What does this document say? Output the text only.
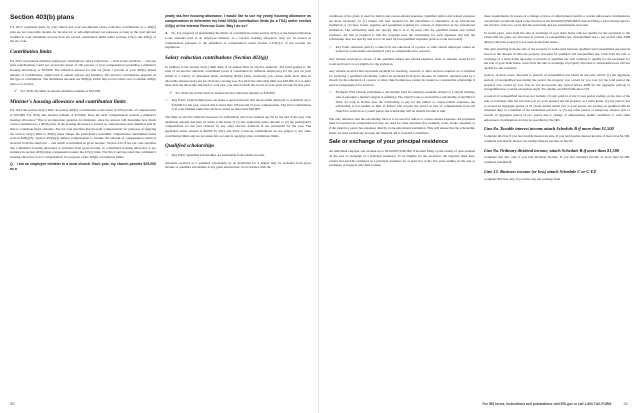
Section 403(b) plans

For 2015, payments made by your church and your tax-deferred salary reduction contributions to a 403(b) plan are not reportable income for income tax or self-employment tax purposes as long as the total amount credited to your retirement account does not exceed contribution limits under sections 415(c) and 402(g) of the tax code.

Contribution limits

For 2015 total annual additions (employer contributions, salary reductions — both pretax and Roth — and any paid contributions) could not exceed the lesser of 100 percent of your compensation (excluding a minister's housing allowance) or $53,000. The reduction amount for this tax (from 7 percent of your 403(b) annual amount of contributions, added back to annual add-ins and benefits). The elective contributions depends on the type of contribution. The distributed amounts are 403(b)s, which may not be rolled over to another 403(b) plan or to an IRA.

✓ For 2016, the limit on annual additions remains at $53,000.
Minister's housing allowance and contribution limits

For 2015 the section 415(c) limit on section 403(b) contributions is the lesser of 100 percent of compensation or $53,000. For 2016, this amount remains at $53,000. Does the term 'compensation' include a minister's housing allowance? This is an important question for ministers, since the answer will determine how much can be contributed to a 403(b) plan. If the housing allowance is treated as compensation, then ministers will be able to contribute larger amounts. The tax code specifies that the term 'compensation' for purposes of applying the section 415(c) limit to 403(b) plans 'means the participant's includible compensation determined under section 403(b)(3).' Section 403(b)(3) defines compensation to include 'the amount of compensation which is received from the employer ... and which is includible in gross income.' Section 415 of the tax code specifies that a minister's housing allowance is excluded from gross income, so a minister's housing allowance is not included in section 403(b) plan compensation under the 415(c) limit. The Tax Court has ruled that a minister's housing allowance is not 'compensation' for purposes of the 403(b) contribution limits.

Q. I am an employee minister in a local church. Each year, my church permits $25,000 as a
yearly tax-free housing allowance. I would like to use my yearly housing allowance as compensation to determine my total 403(b) contribution limits (to a TSA) under section 415(c) of the Internal Revenue Code. May I do so?

A. No. For purposes of determining the limits on contributions under section 415(c) of the Internal Revenue Code, amounts paid to an employee minister, as a tax-free housing allowance, may not be treated as compensation pursuant to the definition of compensation under section 1.415(c)-2 of the income tax regulations.

Salary reduction contributions (Section 402(g))

In addition to the section 415(c) limit there is an annual limit on elective deferrals. The limit applies to the total of all elective deferrals contributed (even if contributed by different employers) for the year on your behalf to a variety of retirement plans, including 403(b) plans. Generally, you cannot defer more than an allowable amount each year for all plans covering you. For 2015 the allowable limit was $18,000. If you defer more than the allowable amount for a tax year, you must include the excess in your gross income for that year.

✓ For 2016, the dollar limit on annual elective deferrals remains at $18,000.
☞ Key Point: Church employees can make a special election that allows them employer to contribute up to $10,000 for the year, even if this is more than 100 percent of your compensation. The total contributions over your lifetime under this election cannot be more than $40,000.

The limit on elective deferrals increases for individuals who have attained age 50 by the end of the year. The additional amount that may be made is the lesser of (1) the applicable dollar amount or (2) the participant's compensation for the year reduced by any other elective deferrals of the participant for the year. The applicable dollar amount is $6,000 for 2015 and 2016. Catch-up contributions are not subject to any other contribution limits and are not taken into account in applying other contribution limits.

Qualified scholarships
☞ Key Point: Qualified scholarships are excludable from taxable income.

Amounts received as a qualified scholarship by an individual for a degree may be excluded from gross income. A qualified scholarship is any grant amount that, in accordance with the

20

conditions of the grant, is used for tuition and course-related expenses. Qualified tuition and related expenses are those necessary for (1) tuition and fees required for the enrollment or attendance at an educational institution or (2) fees, books, supplies and equipment required for courses of instruction at the educational institution. The scholarship need not specify that it is to be used only for qualified tuition and related expenses. All that is required is that the recipient uses the scholarship for such expenses and that the scholarship does not specify that it is to be used for non-qualified expenses (such as room and board).

☞ Key Point: Amounts paid by a church for the education of a pastor or other church employee cannot be treated as a nontaxable scholarship if paid as compensation for services.

Any amount received in excess of the qualified tuition and related expenses, such as amounts received for room and board, is not eligible for the exclusion.

Any amount received that represents payment for teaching, research or other services required as a condition for receiving a qualified scholarship cannot be excluded from gross income. In addition, amounts paid by a church for the education of a pastor or other church employee cannot be treated as a nontaxable scholarship if paid as compensation for services.

☞ Example: First Church establishes a scholarship fund for seminary students. Robert is a church member who is pursuing a master's degree at seminary. The church votes to award him a scholarship of $2,500 for 2016. So long as Robert uses the scholarship to pay for the tuition or course-related expenses, the scholarship is not taxable to him. If Robert will receive the award as part of compensation from his church for services as a youth pastor, the scholarship will be taxable income to him.

The only reference that the scholarship fund is to be used for tuition or course-related expenses. All payments must be reported as compensation if they are used for other expenses (for example, room, books, supplies) or if the church or pastor has expenses directly to the educational institution. This will ensure that the scholarship funds are used exclusively because the financial aid is awarded to members.

Sale or exchange of your principal residence

An individual taxpayer can exclude up to $250,000 ($500,000 if married filing a joint return) of gain realized on the sale or exchange of a principal residence. To be eligible for the exclusion, the taxpayer must have owned and used the residence as a principal residence for at least two of the five years ending on the sale or exchange. A taxpayer who fails to meet

these requirements by reason of a change of place of employment, health or certain unforeseen circumstances can exclude an amount equal to the fraction of the $250,000 ($500,000 if married filing a joint return) equal to the fraction of the two years that the ownership and use requirements were met.

In recent years, gain from the sale or exchange of your main home will not qualify for the exclusion to the extent that the gains are allocated to periods of nonqualified use. Nonqualified use is any period after 2008 during which the property is not used as the main home.

The gain resulting from the sale of the property is reallocated between qualified and nonqualified use periods based on the amount of time the property was held for qualified and nonqualified use. Gain from the sale or exchange of a main home allocable to periods of qualified use will continue to qualify for the exclusion for the sale of your main home. Gain from the sale or exchange of property allocable to nonqualified use will not qualify for the exclusion.

Gain is, in most cases, allocated to periods of nonqualified use based on the ratio which: (1) the aggregate periods of nonqualified use during the period the property was owned by you over (2) the total period the property was owned by you. You do not incorporate any period before 2009 for the aggregate periods of nonqualified use. Certain exceptions apply. For details, see IRS Publication 523.

A period of nonqualified use does not include: (1) any portion of the 5-year period ending on the date of the sale or exchange after the last date you (or your spouse) use the property as a main home, (2) any period (not to exceed an aggregate period of 10 years) during which you or your spouse are serving on qualified official extended duty as a member of the uniformed services, or (3) any other period of temporary absence (not to exceed an aggregate period of two years) due to change of employment, health conditions or such other unforeseen circumstances as may be specified by the IRS.

Line 8a. Taxable interest income attach Schedule B if more than $1,500

Complete this line if you had taxable interest income. If you had taxable interest income of more than $1,500, complete schedule B. Report tax-exempt interest income on line 8b.

Line 9a. Ordinary dividend income, attach Schedule B if more than $1,500

Complete this line only if you had dividend income. If you had dividend income of more than $1,500, complete schedule B.

Line 12. Business income (or loss) attach Schedule C or C-EZ

Complete this line only if you have any net earnings from

For IRS forms, instructions and publications visit IRS.gov or call 1-800-TAX-FORM.	21
